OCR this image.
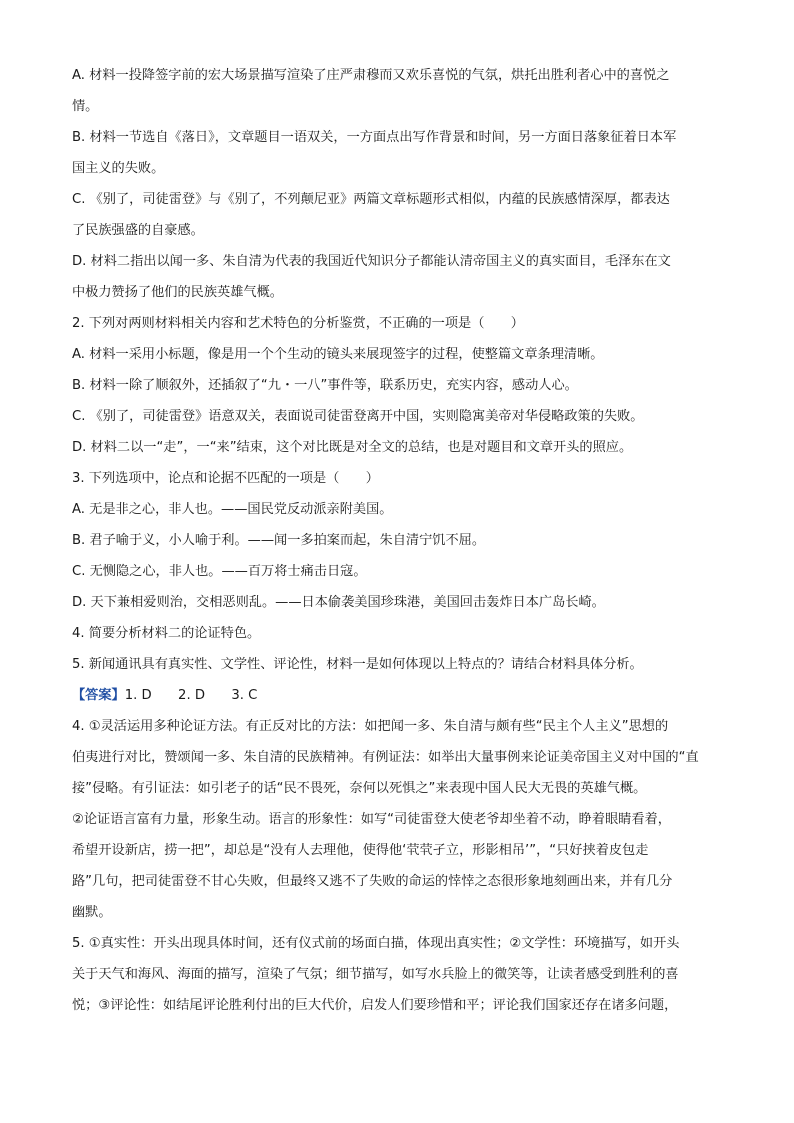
A. 材料一投降签字前的宏大场景描写渲染了庄严肃穆而又欢乐喜悦的气氛，烘托出胜利者心中的喜悦之

情。

B. 材料一节选自《落日》，文章题目一语双关，一方面点出写作背景和时间，另一方面日落象征着日本军

国主义的失败。

C. 《别了，司徒雷登》与《别了，不列颠尼亚》两篇文章标题形式相似，内蕴的民族感情深厚，都表达

了民族强盛的自豪感。

D. 材料二指出以闻一多、朱自清为代表的我国近代知识分子都能认清帝国主义的真实面目，毛泽东在文

中极力赞扬了他们的民族英雄气概。

2. 下列对两则材料相关内容和艺术特色的分析鉴赏，不正确的一项是（　　）

A. 材料一采用小标题，像是用一个个生动的镜头来展现签字的过程，使整篇文章条理清晰。

B. 材料一除了顺叙外，还插叙了“九・一八”事件等，联系历史，充实内容，感动人心。

C. 《别了，司徒雷登》语意双关，表面说司徒雷登离开中国，实则隐寓美帝对华侵略政策的失败。

D. 材料二以一“走”，一“来”结束，这个对比既是对全文的总结，也是对题目和文章开头的照应。

3. 下列选项中，论点和论据不匹配的一项是（　　）

A. 无是非之心，非人也。——国民党反动派亲附美国。

B. 君子喻于义，小人喻于利。——闻一多拍案而起，朱自清宁饥不屈。

C. 无恻隐之心，非人也。——百万将士痛击日寇。

D. 天下兼相爱则治，交相恶则乱。——日本偷袭美国珍珠港，美国回击轰炸日本广岛长崎。

4. 简要分析材料二的论证特色。

5. 新闻通讯具有真实性、文学性、评论性，材料一是如何体现以上特点的？请结合材料具体分析。

【答案】1. D　　2. D　　3. C

4. ①灵活运用多种论证方法。有正反对比的方法：如把闻一多、朱自清与颇有些“民主个人主义”思想的

伯夷进行对比，赞颂闻一多、朱自清的民族精神。有例证法：如举出大量事例来论证美帝国主义对中国的“直

接”侵略。有引证法：如引老子的话“民不畏死，奈何以死惧之”来表现中国人民大无畏的英雄气概。

②论证语言富有力量，形象生动。语言的形象性：如写“司徒雷登大使老爷却坐着不动，睁着眼睛看着，

希望开设新店，捞一把”，却总是“没有人去理他，使得他‘茕茕孑立，形影相吊’”，“只好挟着皮包走

路”几句，把司徒雷登不甘心失败，但最终又逃不了失败的命运的悻悻之态很形象地刻画出来，并有几分

幽默。

5. ①真实性：开头出现具体时间，还有仪式前的场面白描，体现出真实性；②文学性：环境描写，如开头

关于天气和海风、海面的描写，渲染了气氛；细节描写，如写水兵脸上的微笑等，让读者感受到胜利的喜

悦；③评论性：如结尾评论胜利付出的巨大代价，启发人们要珍惜和平；评论我们国家还存在诸多问题，
